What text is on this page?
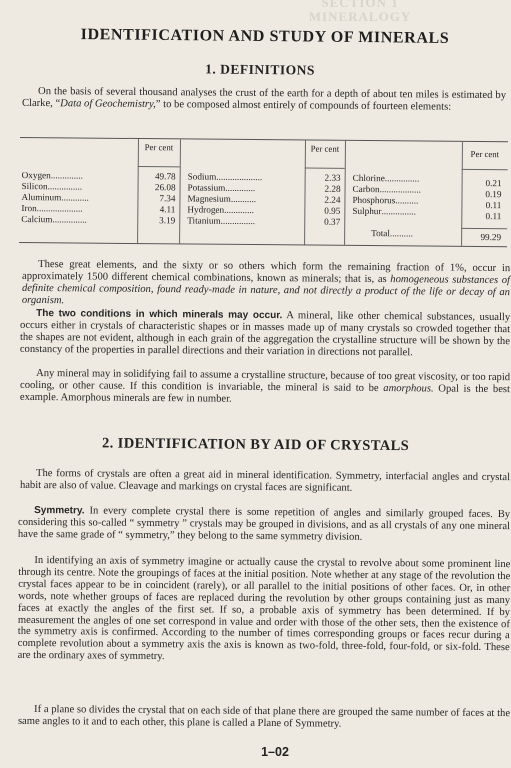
SECTION 1
MINERALOGY
IDENTIFICATION AND STUDY OF MINERALS
1. DEFINITIONS
On the basis of several thousand analyses the crust of the earth for a depth of about ten miles is estimated by Clarke, “Data of Geochemistry,” to be composed almost entirely of compounds of fourteen elements:
Per cent	Per cent
Per cent
Oxygen..............
Silicon...............
Aluminum............
Iron....................
Calcium...............
49.78
26.08
7.34
4.11
3.19
Sodium....................
Potassium.............
Magnesium...........
Hydrogen.............
Titanium...............
2.33
2.28
2.24
0.95
0.37
Chlorine...............
Carbon..................
Phosphorus..........
Sulphur...............
0.21
0.19
0.11
0.11
Total..........	99.29
These great elements, and the sixty or so others which form the remaining fraction of 1%, occur in approximately 1500 different chemical combinations, known as minerals; that is, as homogeneous substances of definite chemical composition, found ready-made in nature, and not directly a product of the life or decay of an organism.
The two conditions in which minerals may occur. A mineral, like other chemical substances, usually occurs either in crystals of characteristic shapes or in masses made up of many crystals so crowded together that the shapes are not evident, although in each grain of the aggregation the crystalline structure will be shown by the constancy of the properties in parallel directions and their variation in directions not parallel.
Any mineral may in solidifying fail to assume a crystalline structure, because of too great viscosity, or too rapid cooling, or other cause. If this condition is invariable, the mineral is said to be amorphous. Opal is the best example. Amorphous minerals are few in number.
2. IDENTIFICATION BY AID OF CRYSTALS
The forms of crystals are often a great aid in mineral identification. Symmetry, interfacial angles and crystal habit are also of value. Cleavage and markings on crystal faces are significant.
Symmetry. In every complete crystal there is some repetition of angles and similarly grouped faces. By considering this so-called “ symmetry ” crystals may be grouped in divisions, and as all crystals of any one mineral have the same grade of “ symmetry,” they belong to the same symmetry division.
In identifying an axis of symmetry imagine or actually cause the crystal to revolve about some prominent line through its centre. Note the groupings of faces at the initial position. Note whether at any stage of the revolution the crystal faces appear to be in coincident (rarely), or all parallel to the initial positions of other faces. Or, in other words, note whether groups of faces are replaced during the revolution by other groups containing just as many faces at exactly the angles of the first set. If so, a probable axis of symmetry has been determined. If by measurement the angles of one set correspond in value and order with those of the other sets, then the existence of the symmetry axis is confirmed. According to the number of times corresponding groups or faces recur during a complete revolution about a symmetry axis the axis is known as two-fold, three-fold, four-fold, or six-fold. These are the ordinary axes of symmetry.
If a plane so divides the crystal that on each side of that plane there are grouped the same number of faces at the same angles to it and to each other, this plane is called a Plane of Symmetry.
1–02
